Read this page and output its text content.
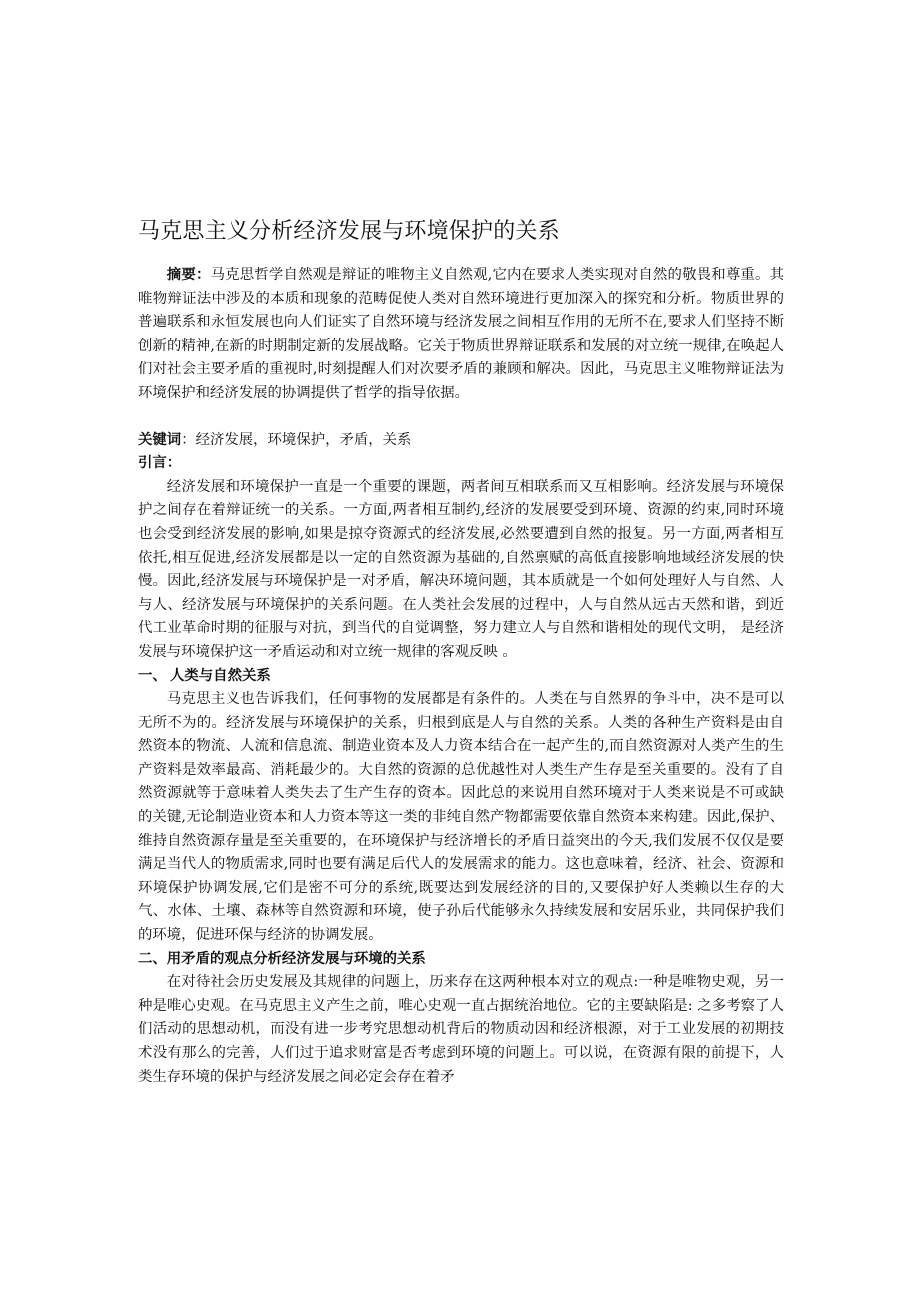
马克思主义分析经济发展与环境保护的关系

摘要：马克思哲学自然观是辩证的唯物主义自然观,它内在要求人类实现对自然的敬畏和尊重。其唯物辩证法中涉及的本质和现象的范畴促使人类对自然环境进行更加深入的探究和分析。物质世界的普遍联系和永恒发展也向人们证实了自然环境与经济发展之间相互作用的无所不在,要求人们坚持不断创新的精神,在新的时期制定新的发展战略。它关于物质世界辩证联系和发展的对立统一规律,在唤起人们对社会主要矛盾的重视时,时刻提醒人们对次要矛盾的兼顾和解决。因此，马克思主义唯物辩证法为环境保护和经济发展的协调提供了哲学的指导依据。

关键词：经济发展，环境保护，矛盾，关系

引言：

经济发展和环境保护一直是一个重要的课题，两者间互相联系而又互相影响。经济发展与环境保护之间存在着辩证统一的关系。一方面,两者相互制约,经济的发展要受到环境、资源的约束,同时环境也会受到经济发展的影响,如果是掠夺资源式的经济发展,必然要遭到自然的报复。另一方面,两者相互依托,相互促进,经济发展都是以一定的自然资源为基础的,自然禀赋的高低直接影响地域经济发展的快慢。因此,经济发展与环境保护是一对矛盾，解决环境问题，其本质就是一个如何处理好人与自然、人与人、经济发展与环境保护的关系问题。在人类社会发展的过程中，人与自然从远古天然和谐，到近代工业革命时期的征服与对抗，到当代的自觉调整，努力建立人与自然和谐相处的现代文明， 是经济发展与环境保护这一矛盾运动和对立统一规律的客观反映 。

一、 人类与自然关系

马克思主义也告诉我们，任何事物的发展都是有条件的。人类在与自然界的争斗中，决不是可以无所不为的。经济发展与环境保护的关系，归根到底是人与自然的关系。人类的各种生产资料是由自然资本的物流、人流和信息流、制造业资本及人力资本结合在一起产生的,而自然资源对人类产生的生产资料是效率最高、消耗最少的。大自然的资源的总优越性对人类生产生存是至关重要的。没有了自然资源就等于意味着人类失去了生产生存的资本。因此总的来说用自然环境对于人类来说是不可或缺的关键,无论制造业资本和人力资本等这一类的非纯自然产物都需要依靠自然资本来构建。因此,保护、维持自然资源存量是至关重要的，在环境保护与经济增长的矛盾日益突出的今天,我们发展不仅仅是要满足当代人的物质需求,同时也要有满足后代人的发展需求的能力。这也意味着，经济、社会、资源和环境保护协调发展,它们是密不可分的系统,既要达到发展经济的目的,又要保护好人类赖以生存的大气、水体、土壤、森林等自然资源和环境，使子孙后代能够永久持续发展和安居乐业，共同保护我们的环境，促进环保与经济的协调发展。

二、用矛盾的观点分析经济发展与环境的关系

在对待社会历史发展及其规律的问题上，历来存在这两种根本对立的观点:一种是唯物史观，另一种是唯心史观。在马克思主义产生之前，唯心史观一直占据统治地位。它的主要缺陷是: 之多考察了人们活动的思想动机，而没有进一步考究思想动机背后的物质动因和经济根源，对于工业发展的初期技术没有那么的完善，人们过于追求财富是否考虑到环境的问题上。可以说，在资源有限的前提下，人类生存环境的保护与经济发展之间必定会存在着矛
